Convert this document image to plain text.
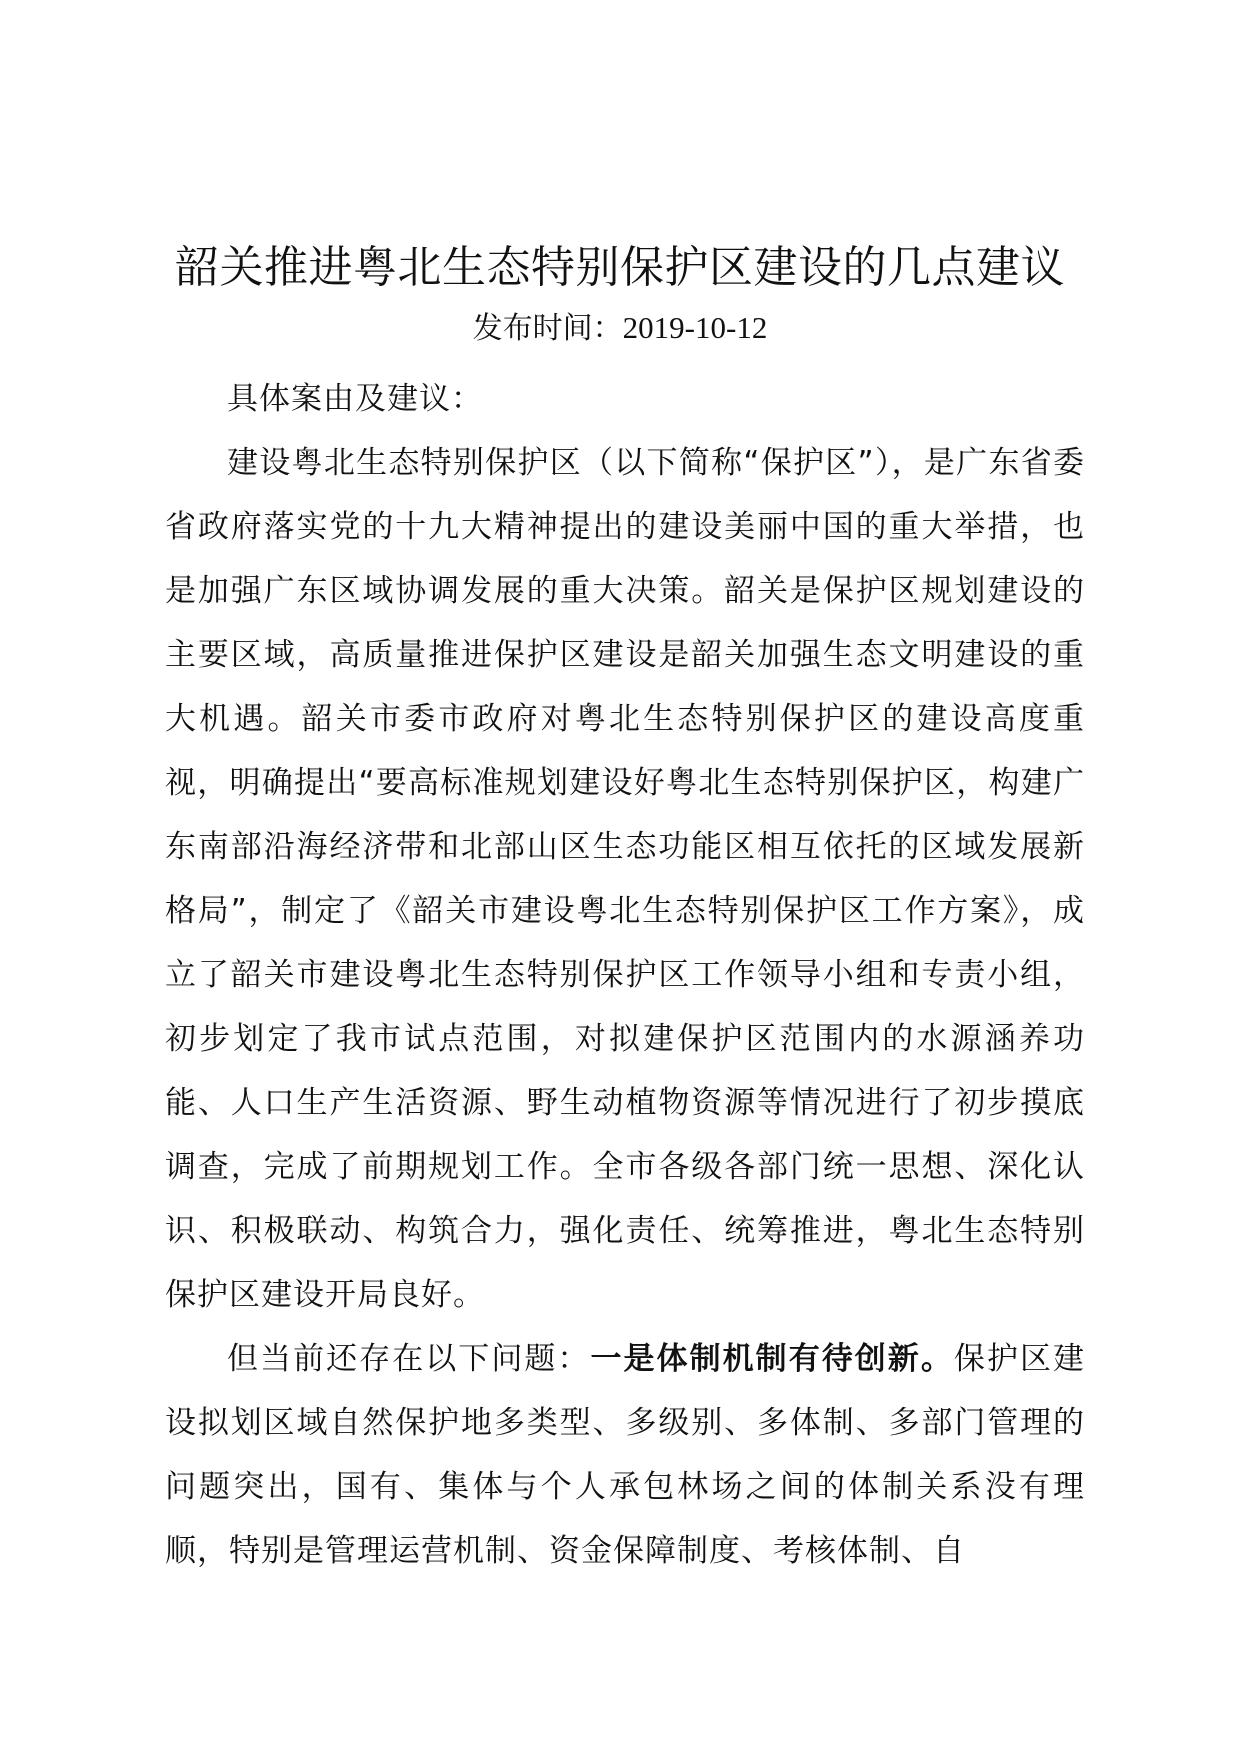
韶关推进粤北生态特别保护区建设的几点建议
发布时间：2019-10-12

具体案由及建议：

建设粤北生态特别保护区（以下简称“保护区”），是广东省委省政府落实党的十九大精神提出的建设美丽中国的重大举措，也是加强广东区域协调发展的重大决策。韶关是保护区规划建设的主要区域，高质量推进保护区建设是韶关加强生态文明建设的重大机遇。韶关市委市政府对粤北生态特别保护区的建设高度重视，明确提出“要高标准规划建设好粤北生态特别保护区，构建广东南部沿海经济带和北部山区生态功能区相互依托的区域发展新格局”，制定了《韶关市建设粤北生态特别保护区工作方案》，成立了韶关市建设粤北生态特别保护区工作领导小组和专责小组，初步划定了我市试点范围，对拟建保护区范围内的水源涵养功能、人口生产生活资源、野生动植物资源等情况进行了初步摸底调查，完成了前期规划工作。全市各级各部门统一思想、深化认识、积极联动、构筑合力，强化责任、统筹推进，粤北生态特别保护区建设开局良好。

但当前还存在以下问题：一是体制机制有待创新。保护区建设拟划区域自然保护地多类型、多级别、多体制、多部门管理的问题突出，国有、集体与个人承包林场之间的体制关系没有理顺，特别是管理运营机制、资金保障制度、考核体制、自
